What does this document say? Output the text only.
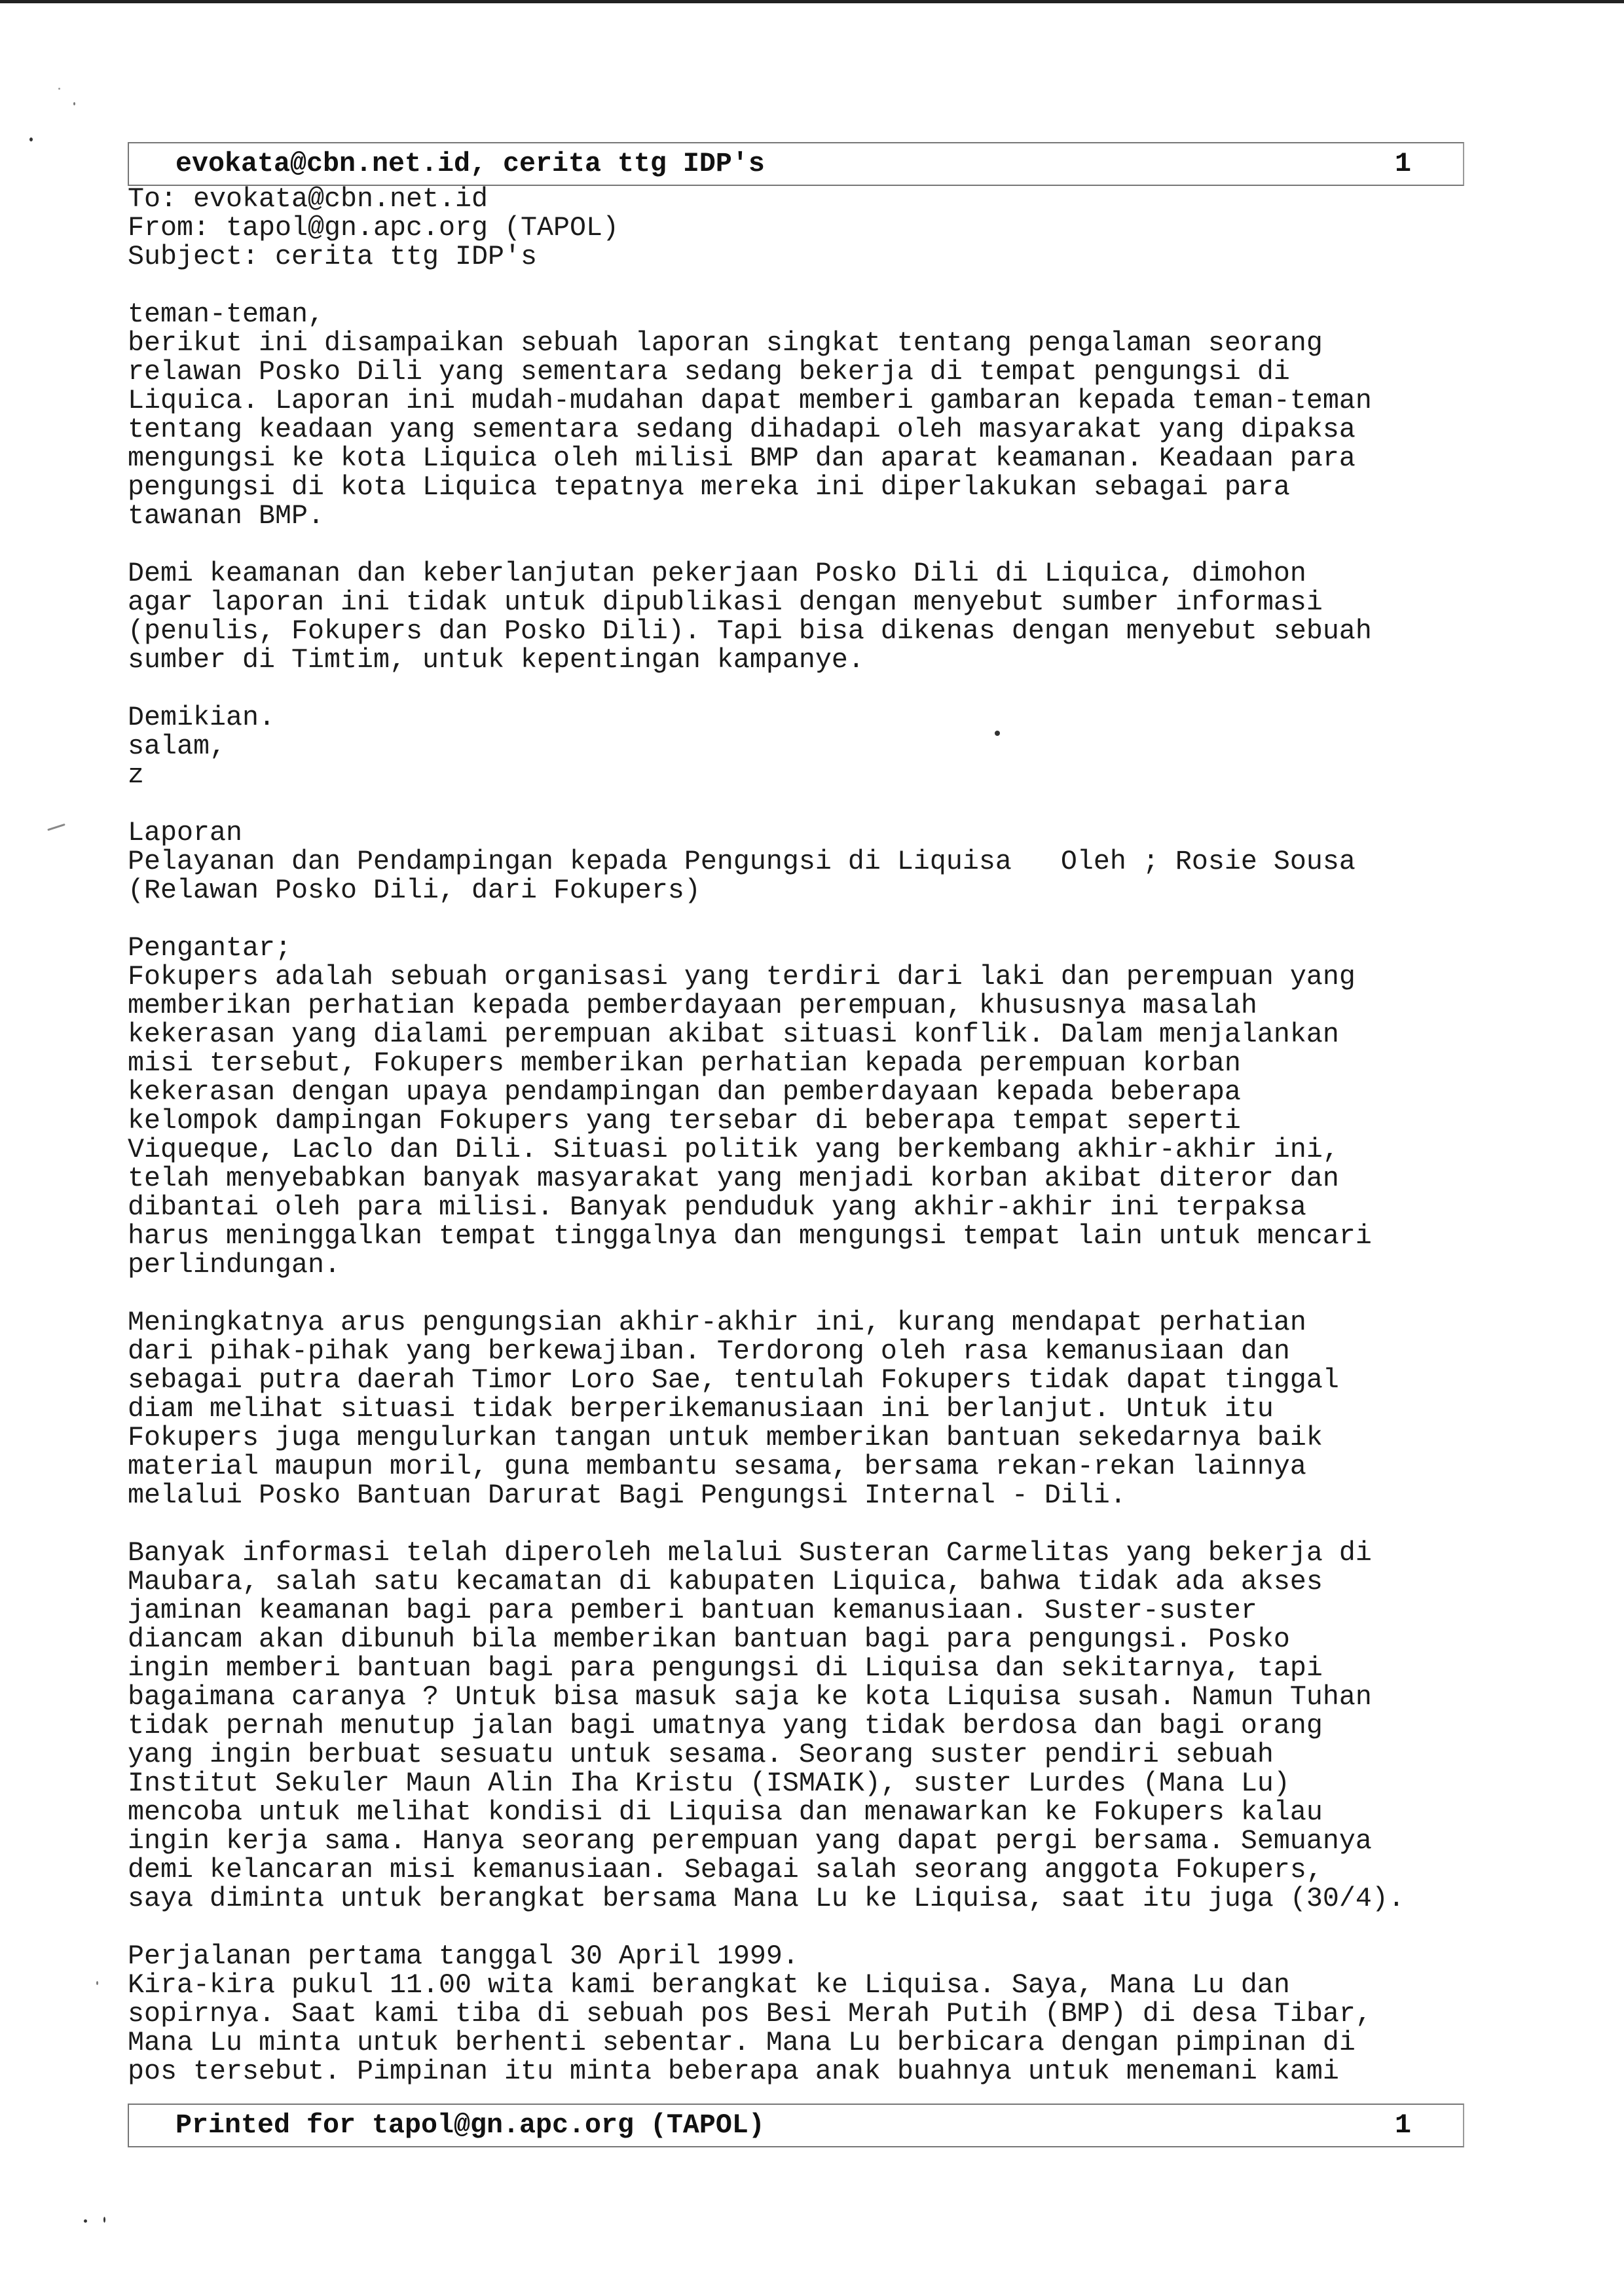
evokata@cbn.net.id, cerita ttg IDP's	1
To: evokata@cbn.net.id
From: tapol@gn.apc.org (TAPOL)
Subject: cerita ttg IDP's
teman-teman,
berikut ini disampaikan sebuah laporan singkat tentang pengalaman seorang
relawan Posko Dili yang sementara sedang bekerja di tempat pengungsi di
Liquica. Laporan ini mudah-mudahan dapat memberi gambaran kepada teman-teman
tentang keadaan yang sementara sedang dihadapi oleh masyarakat yang dipaksa
mengungsi ke kota Liquica oleh milisi BMP dan aparat keamanan. Keadaan para
pengungsi di kota Liquica tepatnya mereka ini diperlakukan sebagai para
tawanan BMP.
Demi keamanan dan keberlanjutan pekerjaan Posko Dili di Liquica, dimohon
agar laporan ini tidak untuk dipublikasi dengan menyebut sumber informasi
(penulis, Fokupers dan Posko Dili). Tapi bisa dikenas dengan menyebut sebuah
sumber di Timtim, untuk kepentingan kampanye.
Demikian.
salam,
z
Laporan
Pelayanan dan Pendampingan kepada Pengungsi di Liquisa Oleh ; Rosie Sousa
(Relawan Posko Dili, dari Fokupers)
Pengantar;
Fokupers adalah sebuah organisasi yang terdiri dari laki dan perempuan yang
memberikan perhatian kepada pemberdayaan perempuan, khususnya masalah
kekerasan yang dialami perempuan akibat situasi konflik. Dalam menjalankan
misi tersebut, Fokupers memberikan perhatian kepada perempuan korban
kekerasan dengan upaya pendampingan dan pemberdayaan kepada beberapa
kelompok dampingan Fokupers yang tersebar di beberapa tempat seperti
Viqueque, Laclo dan Dili. Situasi politik yang berkembang akhir-akhir ini,
telah menyebabkan banyak masyarakat yang menjadi korban akibat diteror dan
dibantai oleh para milisi. Banyak penduduk yang akhir-akhir ini terpaksa
harus meninggalkan tempat tinggalnya dan mengungsi tempat lain untuk mencari
perlindungan.
Meningkatnya arus pengungsian akhir-akhir ini, kurang mendapat perhatian
dari pihak-pihak yang berkewajiban. Terdorong oleh rasa kemanusiaan dan
sebagai putra daerah Timor Loro Sae, tentulah Fokupers tidak dapat tinggal
diam melihat situasi tidak berperikemanusiaan ini berlanjut. Untuk itu
Fokupers juga mengulurkan tangan untuk memberikan bantuan sekedarnya baik
material maupun moril, guna membantu sesama, bersama rekan-rekan lainnya
melalui Posko Bantuan Darurat Bagi Pengungsi Internal - Dili.
Banyak informasi telah diperoleh melalui Susteran Carmelitas yang bekerja di
Maubara, salah satu kecamatan di kabupaten Liquica, bahwa tidak ada akses
jaminan keamanan bagi para pemberi bantuan kemanusiaan. Suster-suster
diancam akan dibunuh bila memberikan bantuan bagi para pengungsi. Posko
ingin memberi bantuan bagi para pengungsi di Liquisa dan sekitarnya, tapi
bagaimana caranya ? Untuk bisa masuk saja ke kota Liquisa susah. Namun Tuhan
tidak pernah menutup jalan bagi umatnya yang tidak berdosa dan bagi orang
yang ingin berbuat sesuatu untuk sesama. Seorang suster pendiri sebuah
Institut Sekuler Maun Alin Iha Kristu (ISMAIK), suster Lurdes (Mana Lu)
mencoba untuk melihat kondisi di Liquisa dan menawarkan ke Fokupers kalau
ingin kerja sama. Hanya seorang perempuan yang dapat pergi bersama. Semuanya
demi kelancaran misi kemanusiaan. Sebagai salah seorang anggota Fokupers,
saya diminta untuk berangkat bersama Mana Lu ke Liquisa, saat itu juga (30/4).
Perjalanan pertama tanggal 30 April 1999.
Kira-kira pukul 11.00 wita kami berangkat ke Liquisa. Saya, Mana Lu dan
sopirnya. Saat kami tiba di sebuah pos Besi Merah Putih (BMP) di desa Tibar,
Mana Lu minta untuk berhenti sebentar. Mana Lu berbicara dengan pimpinan di
pos tersebut. Pimpinan itu minta beberapa anak buahnya untuk menemani kami
Printed for tapol@gn.apc.org (TAPOL)	1
